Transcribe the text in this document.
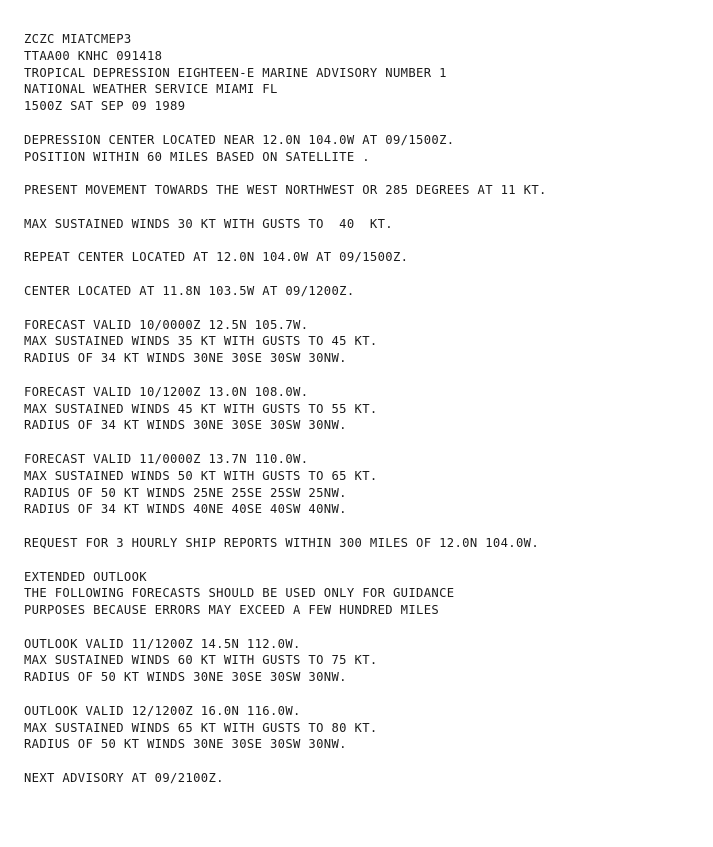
ZCZC MIATCMEP3
TTAA00 KNHC 091418
TROPICAL DEPRESSION EIGHTEEN-E MARINE ADVISORY NUMBER 1
NATIONAL WEATHER SERVICE MIAMI FL
1500Z SAT SEP 09 1989
DEPRESSION CENTER LOCATED NEAR 12.0N 104.0W AT 09/1500Z.
POSITION WITHIN 60 MILES BASED ON SATELLITE .
PRESENT MOVEMENT TOWARDS THE WEST NORTHWEST OR 285 DEGREES AT 11 KT.
MAX SUSTAINED WINDS 30 KT WITH GUSTS TO  40  KT.
REPEAT CENTER LOCATED AT 12.0N 104.0W AT 09/1500Z.
CENTER LOCATED AT 11.8N 103.5W AT 09/1200Z.
FORECAST VALID 10/0000Z 12.5N 105.7W.
MAX SUSTAINED WINDS 35 KT WITH GUSTS TO 45 KT.
RADIUS OF 34 KT WINDS 30NE 30SE 30SW 30NW.
FORECAST VALID 10/1200Z 13.0N 108.0W.
MAX SUSTAINED WINDS 45 KT WITH GUSTS TO 55 KT.
RADIUS OF 34 KT WINDS 30NE 30SE 30SW 30NW.
FORECAST VALID 11/0000Z 13.7N 110.0W.
MAX SUSTAINED WINDS 50 KT WITH GUSTS TO 65 KT.
RADIUS OF 50 KT WINDS 25NE 25SE 25SW 25NW.
RADIUS OF 34 KT WINDS 40NE 40SE 40SW 40NW.
REQUEST FOR 3 HOURLY SHIP REPORTS WITHIN 300 MILES OF 12.0N 104.0W.
EXTENDED OUTLOOK
THE FOLLOWING FORECASTS SHOULD BE USED ONLY FOR GUIDANCE
PURPOSES BECAUSE ERRORS MAY EXCEED A FEW HUNDRED MILES
OUTLOOK VALID 11/1200Z 14.5N 112.0W.
MAX SUSTAINED WINDS 60 KT WITH GUSTS TO 75 KT.
RADIUS OF 50 KT WINDS 30NE 30SE 30SW 30NW.
OUTLOOK VALID 12/1200Z 16.0N 116.0W.
MAX SUSTAINED WINDS 65 KT WITH GUSTS TO 80 KT.
RADIUS OF 50 KT WINDS 30NE 30SE 30SW 30NW.
NEXT ADVISORY AT 09/2100Z.
